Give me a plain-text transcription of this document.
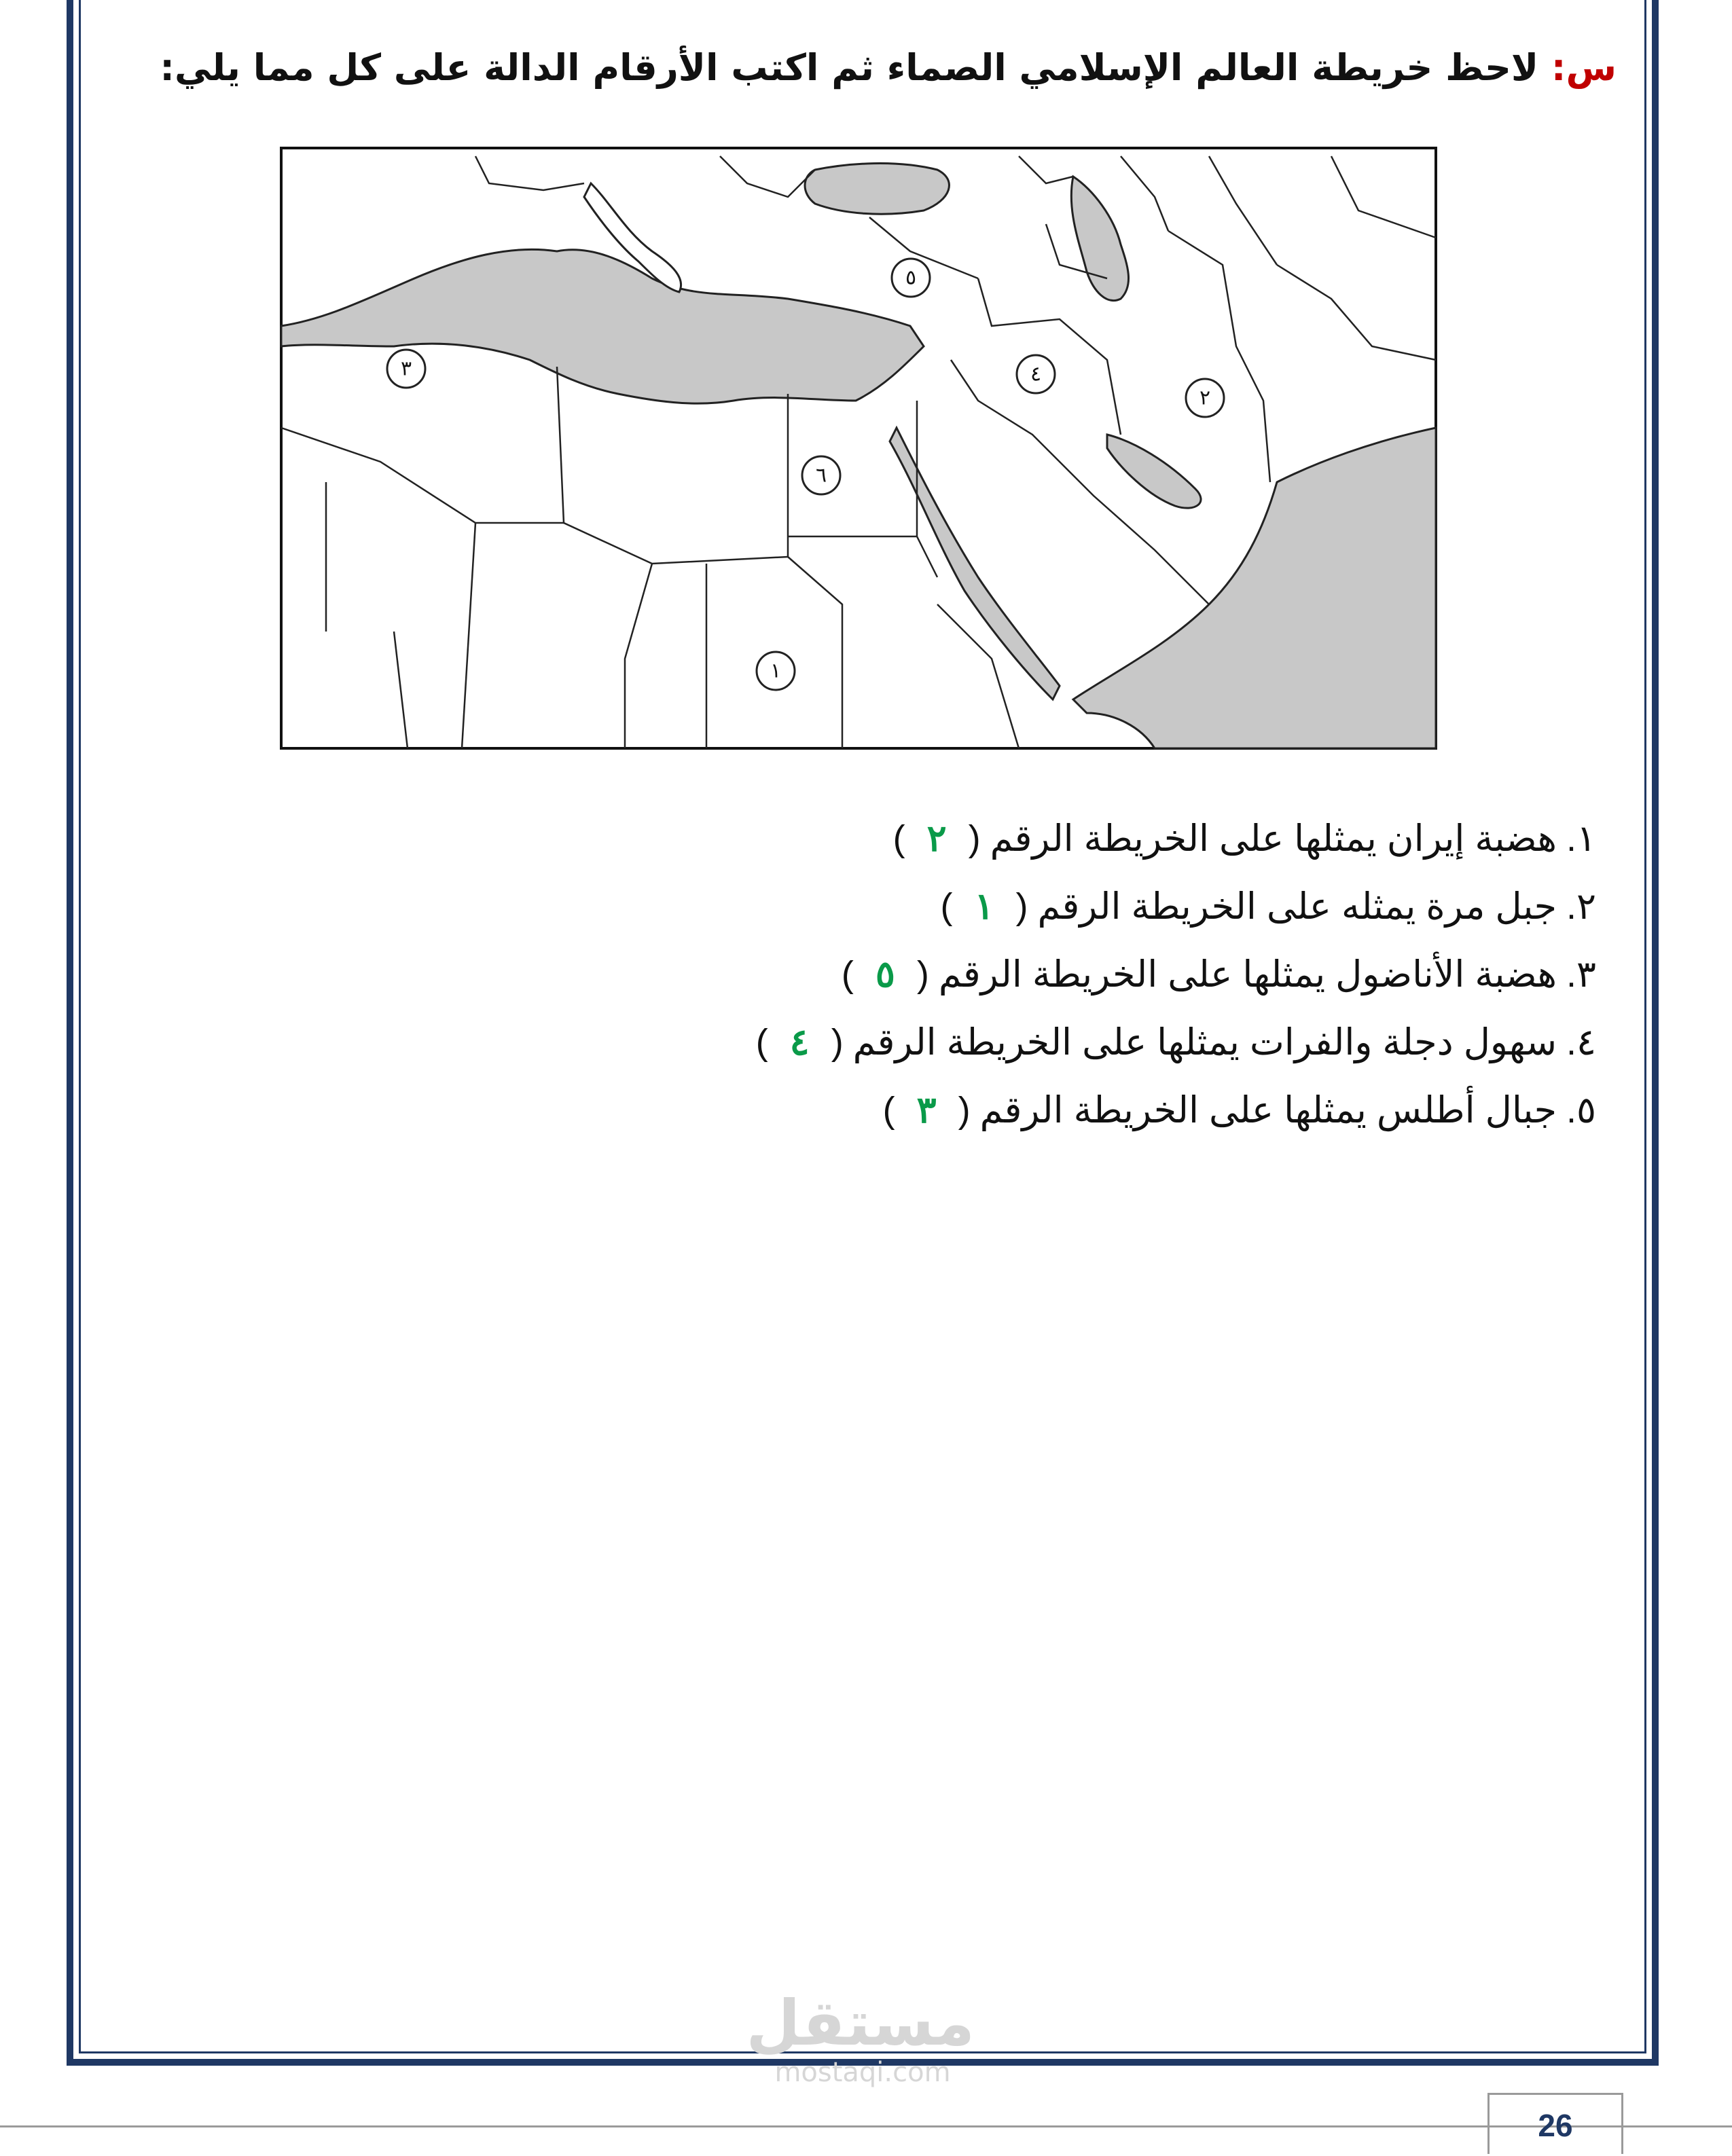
س: لاحظ خريطة العالم الإسلامي الصماء ثم اكتب الأرقام الدالة على كل مما يلي:
١
٢
٣	٤
٥
٦
١.هضبة إيران يمثلها على الخريطة الرقم(٢)
٢.جبل مرة يمثله على الخريطة الرقم(١)
٣.هضبة الأناضول يمثلها على الخريطة الرقم(٥)
٤.سهول دجلة والفرات يمثلها على الخريطة الرقم(٤)
٥.جبال أطلس يمثلها على الخريطة الرقم(٣)
مستقل
mostaqi.com
26
